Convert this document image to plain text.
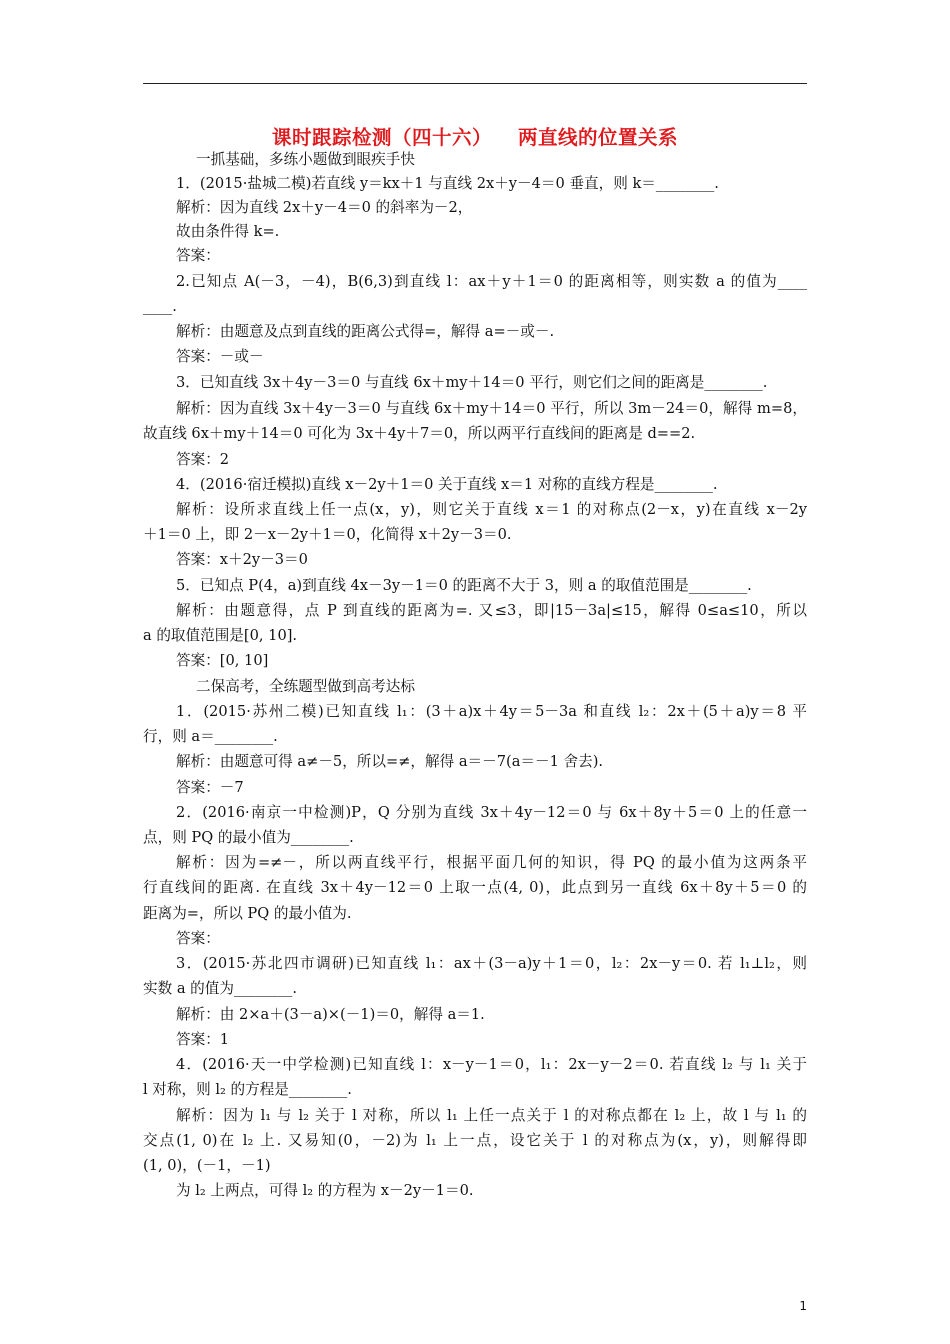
课时跟踪检测（四十六） 两直线的位置关系
一抓基础，多练小题做到眼疾手快
1．(2015·盐城二模)若直线 y＝kx＋1 与直线 2x＋y－4＝0 垂直，则 k＝________.
解析：因为直线 2x＋y－4＝0 的斜率为－2，
故由条件得 k=.
答案：
2.已知点 A(－3，－4)，B(6,3)到直线 l：ax＋y＋1＝0 的距离相等，则实数 a 的值为____
____.
解析：由题意及点到直线的距离公式得=，解得 a=－或－.
答案：－或－
3．已知直线 3x＋4y－3＝0 与直线 6x＋my＋14＝0 平行，则它们之间的距离是________.
解析：因为直线 3x＋4y－3＝0 与直线 6x＋my＋14＝0 平行，所以 3m－24＝0，解得 m=8，
故直线 6x＋my＋14＝0 可化为 3x＋4y＋7＝0，所以两平行直线间的距离是 d==2.
答案：2
4．(2016·宿迁模拟)直线 x－2y＋1＝0 关于直线 x＝1 对称的直线方程是________.
解析：设所求直线上任一点(x，y)，则它关于直线 x＝1 的对称点(2－x，y)在直线 x－2y
＋1＝0 上，即 2－x－2y＋1＝0，化简得 x＋2y－3＝0.
答案：x＋2y－3＝0
5．已知点 P(4，a)到直线 4x－3y－1＝0 的距离不大于 3，则 a 的取值范围是________.
解析：由题意得，点 P 到直线的距离为=. 又≤3，即|15－3a|≤15，解得 0≤a≤10，所以
a 的取值范围是[0, 10].
答案：[0, 10]
二保高考，全练题型做到高考达标
1．(2015·苏州二模)已知直线 l₁：(3＋a)x＋4y＝5－3a 和直线 l₂：2x＋(5＋a)y＝8 平
行，则 a＝________.
解析：由题意可得 a≠－5，所以=≠，解得 a＝－7(a＝－1 舍去).
答案：－7
2．(2016·南京一中检测)P，Q 分别为直线 3x＋4y－12＝0 与 6x＋8y＋5＝0 上的任意一
点，则 PQ 的最小值为________.
解析：因为=≠－，所以两直线平行，根据平面几何的知识，得 PQ 的最小值为这两条平
行直线间的距离. 在直线 3x＋4y－12＝0 上取一点(4, 0)，此点到另一直线 6x＋8y＋5＝0 的
距离为=，所以 PQ 的最小值为.
答案：
3．(2015·苏北四市调研)已知直线 l₁：ax＋(3－a)y＋1＝0，l₂：2x－y＝0. 若 l₁⊥l₂，则
实数 a 的值为________.
解析：由 2×a＋(3－a)×(－1)＝0，解得 a＝1.
答案：1
4．(2016·天一中学检测)已知直线 l：x－y－1＝0，l₁：2x－y－2＝0. 若直线 l₂ 与 l₁ 关于
l 对称，则 l₂ 的方程是________.
解析：因为 l₁ 与 l₂ 关于 l 对称，所以 l₁ 上任一点关于 l 的对称点都在 l₂ 上，故 l 与 l₁ 的
交点(1, 0)在 l₂ 上. 又易知(0，－2)为 l₁ 上一点，设它关于 l 的对称点为(x，y)，则解得即
(1, 0)，(－1，－1)
为 l₂ 上两点，可得 l₂ 的方程为 x－2y－1＝0.
1
